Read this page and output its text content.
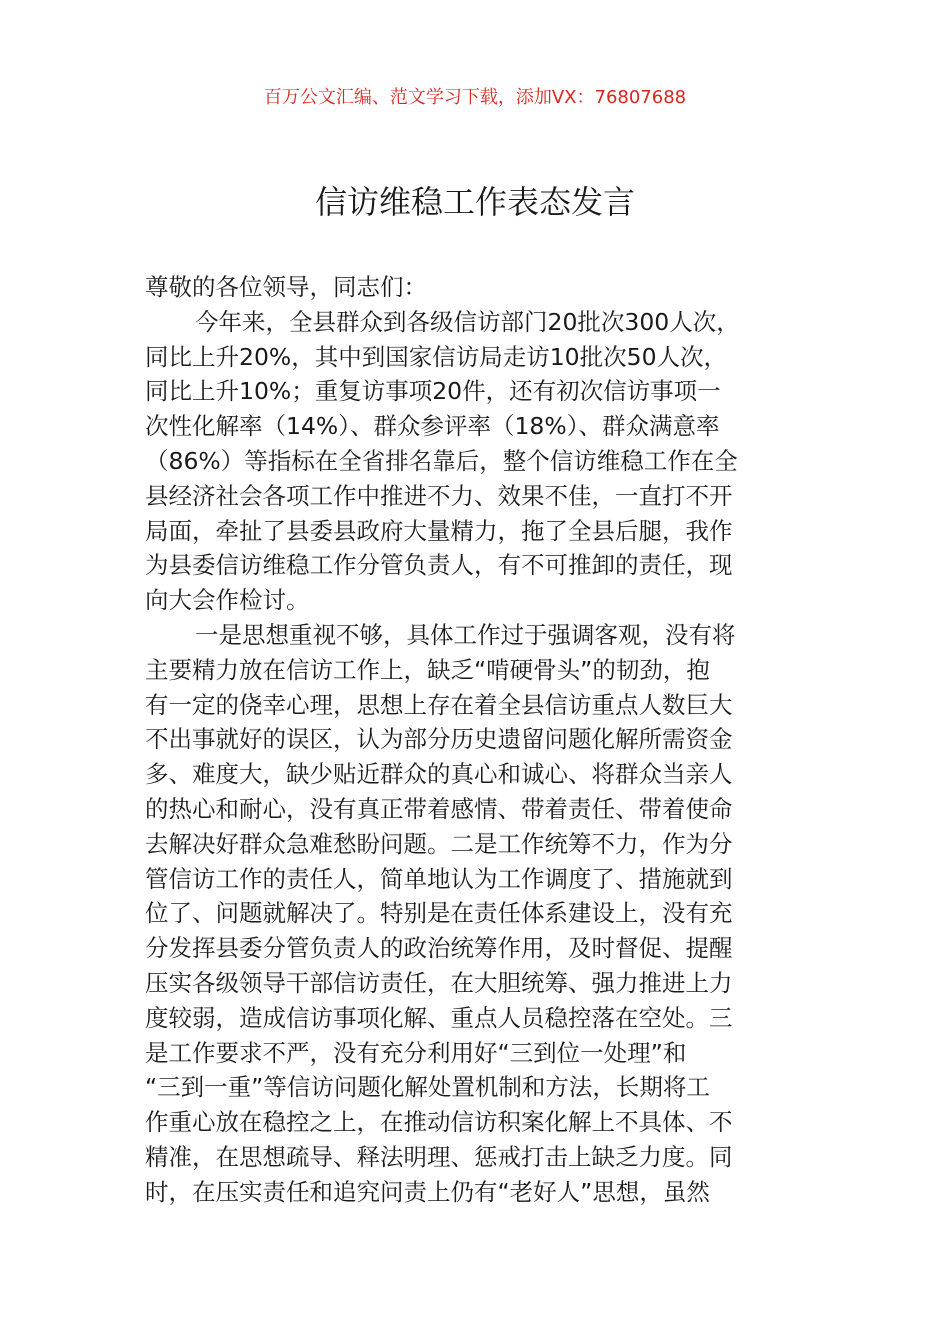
百万公文汇编、范文学习下载，添加VX：76807688
信访维稳工作表态发言
尊敬的各位领导，同志们：
今年来，全县群众到各级信访部门20批次300人次，
同比上升20%，其中到国家信访局走访10批次50人次，
同比上升10%；重复访事项20件，还有初次信访事项一
次性化解率（14%）、群众参评率（18%）、群众满意率
（86%）等指标在全省排名靠后，整个信访维稳工作在全
县经济社会各项工作中推进不力、效果不佳，一直打不开
局面，牵扯了县委县政府大量精力，拖了全县后腿，我作
为县委信访维稳工作分管负责人，有不可推卸的责任，现
向大会作检讨。
一是思想重视不够，具体工作过于强调客观，没有将
主要精力放在信访工作上，缺乏“啃硬骨头”的韧劲，抱
有一定的侥幸心理，思想上存在着全县信访重点人数巨大
不出事就好的误区，认为部分历史遗留问题化解所需资金
多、难度大，缺少贴近群众的真心和诚心、将群众当亲人
的热心和耐心，没有真正带着感情、带着责任、带着使命
去解决好群众急难愁盼问题。二是工作统筹不力，作为分
管信访工作的责任人，简单地认为工作调度了、措施就到
位了、问题就解决了。特别是在责任体系建设上，没有充
分发挥县委分管负责人的政治统筹作用，及时督促、提醒
压实各级领导干部信访责任，在大胆统筹、强力推进上力
度较弱，造成信访事项化解、重点人员稳控落在空处。三
是工作要求不严，没有充分利用好“三到位一处理”和
“三到一重”等信访问题化解处置机制和方法，长期将工
作重心放在稳控之上，在推动信访积案化解上不具体、不
精准，在思想疏导、释法明理、惩戒打击上缺乏力度。同
时，在压实责任和追究问责上仍有“老好人”思想，虽然
